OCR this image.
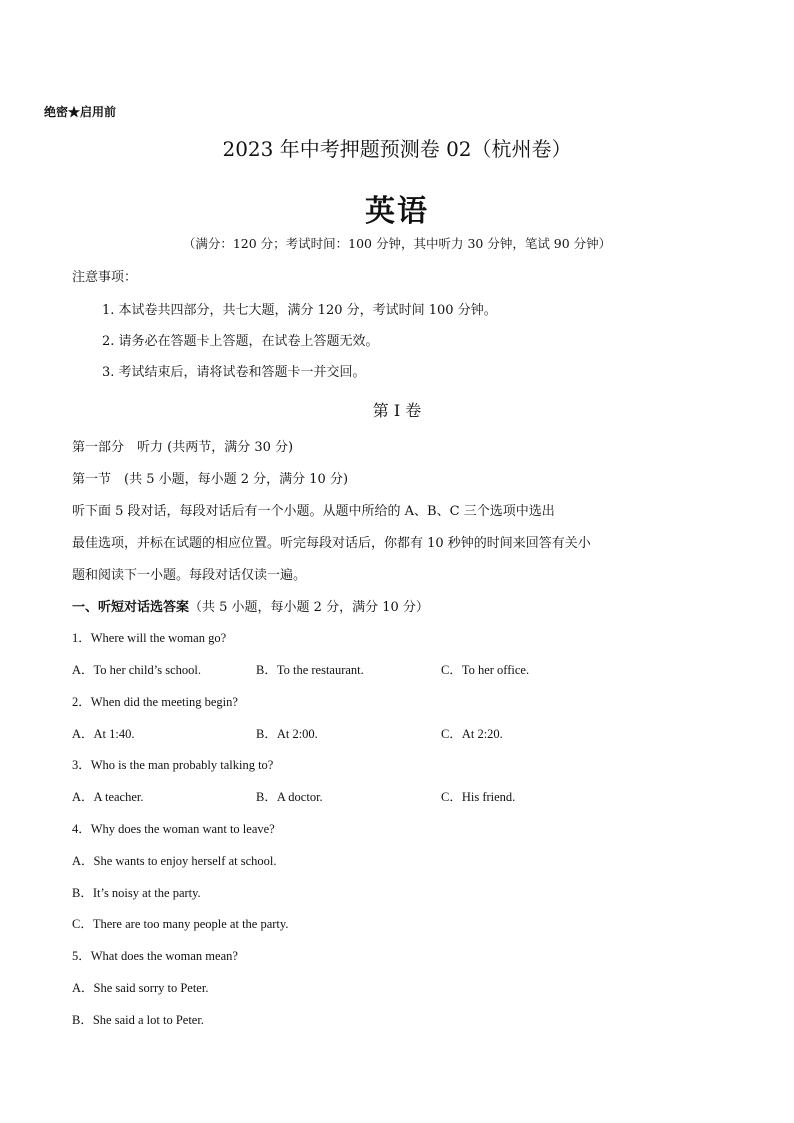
绝密★启用前
2023 年中考押题预测卷 02（杭州卷）
英语
（满分：120 分；考试时间：100 分钟，其中听力 30 分钟，笔试 90 分钟）
注意事项：
1. 本试卷共四部分，共七大题，满分 120 分，考试时间 100 分钟。
2. 请务必在答题卡上答题，在试卷上答题无效。
3. 考试结束后，请将试卷和答题卡一并交回。
第 I 卷
第一部分　听力 (共两节，满分 30 分)
第一节　(共 5 小题，每小题 2 分，满分 10 分)
听下面 5 段对话，每段对话后有一个小题。从题中所给的 A、B、C 三个选项中选出
最佳选项，并标在试题的相应位置。听完每段对话后，你都有 10 秒钟的时间来回答有关小
题和阅读下一小题。每段对话仅读一遍。
一、听短对话选答案（共 5 小题，每小题 2 分，满分 10 分）
1．Where will the woman go?
A．To her child’s school.	B．To the restaurant.	C．To her office.
2．When did the meeting begin?
A．At 1:40.	B．At 2:00.	C．At 2:20.
3．Who is the man probably talking to?
A．A teacher.	B．A doctor.	C．His friend.
4．Why does the woman want to leave?
A．She wants to enjoy herself at school.
B．It’s noisy at the party.
C．There are too many people at the party.
5．What does the woman mean?
A．She said sorry to Peter.
B．She said a lot to Peter.
